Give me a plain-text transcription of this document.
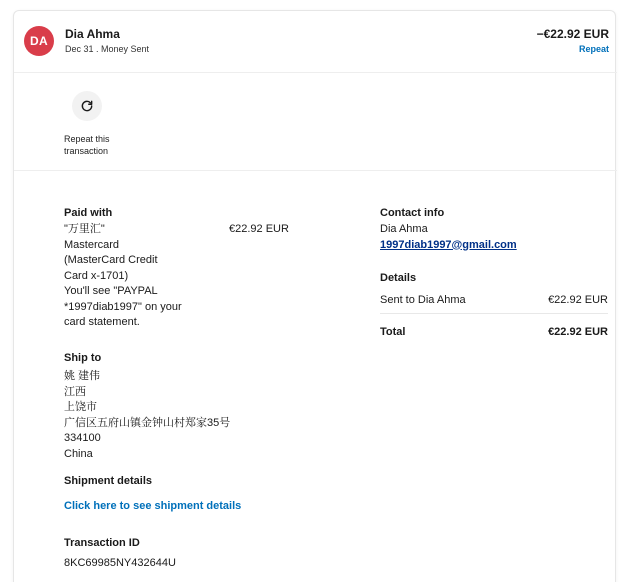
DA	Dia Ahma
Dec 31 . Money Sent
−€22.92 EUR
Repeat
Repeat this transaction
Paid with
"万里汇"
Mastercard
(MasterCard Credit
Card x-1701)
You'll see "PAYPAL
*1997diab1997" on your
card statement.
€22.92 EUR
Ship to
姚 建伟
江西
上饶市
广信区五府山镇金钟山村郑家35号
334100
China
Shipment details
Click here to see shipment details
Transaction ID
8KC69985NY432644U
Contact info
Dia Ahma
1997diab1997@gmail.com
Details
Sent to Dia Ahma	€22.92 EUR
Total	€22.92 EUR
